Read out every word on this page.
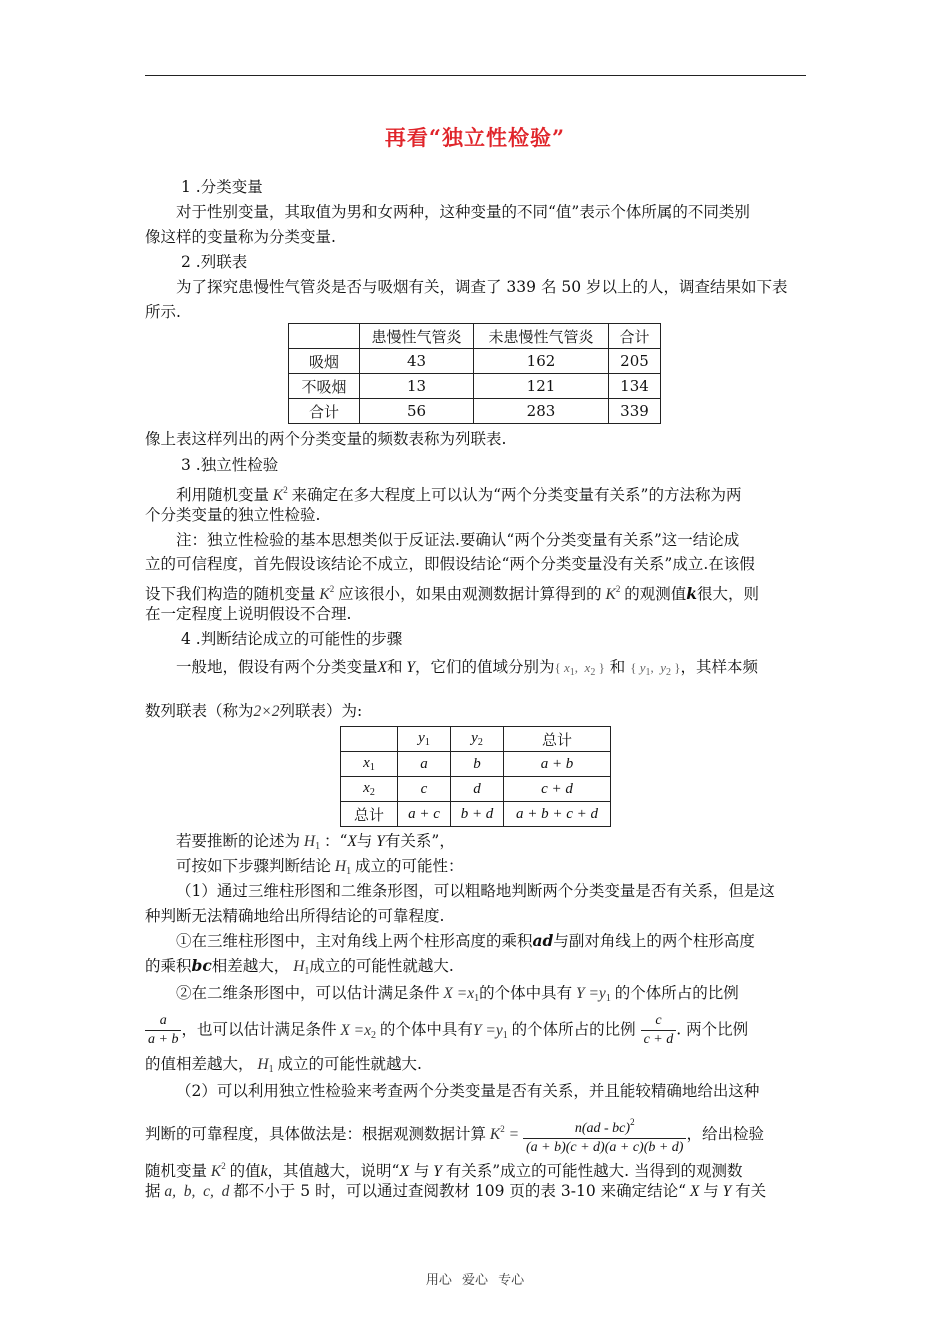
再看“独立性检验”
1 .分类变量
对于性别变量，其取值为男和女两种，这种变量的不同“值”表示个体所属的不同类别
像这样的变量称为分类变量.
2 .列联表
为了探究患慢性气管炎是否与吸烟有关，调查了 339 名 50 岁以上的人，调查结果如下表
所示.
	患慢性气管炎	未患慢性气管炎	合计
吸烟	43	162	205
不吸烟	13	121	134
合计	56	283	339
像上表这样列出的两个分类变量的频数表称为列联表.
3 .独立性检验
利用随机变量 $K^2$ 来确定在多大程度上可以认为“两个分类变量有关系”的方法称为两
个分类变量的独立性检验.
注：独立性检验的基本思想类似于反证法.要确认“两个分类变量有关系”这一结论成
立的可信程度，首先假设该结论不成立，即假设结论“两个分类变量没有关系”成立.在该假
设下我们构造的随机变量 $K^2$ 应该很小，如果由观测数据计算得到的 $K^2$ 的观测值k很大，则
在一定程度上说明假设不合理.
4 .判断结论成立的可能性的步骤
一般地，假设有两个分类变量X和 Y，它们的值域分别为{ $x_1$,  $x_2$ } 和 { $y_1$,  $y_2$ }，其样本频
数列联表（称为2×2列联表）为:
	$y_1$	$y_2$	总计
$x_1$	a	b	a + b
$x_2$	c	d	c + d
总计	a + c	b + d	a + b + c + d
若要推断的论述为 H1 ：“X与 Y有关系”，
可按如下步骤判断结论 H1 成立的可能性：
（1）通过三维柱形图和二维条形图，可以粗略地判断两个分类变量是否有关系，但是这
种判断无法精确地给出所得结论的可靠程度.
①在三维柱形图中，主对角线上两个柱形高度的乘积ad与副对角线上的两个柱形高度
的乘积bc相差越大， H1成立的可能性就越大.
②在二维条形图中，可以估计满足条件 X =x1的个体中具有 Y =y1 的个体所占的比例
$\frac{a}{a + b}$ ，也可以估计满足条件 X =x2 的个体中具有Y =y1 的个体所占的比例 $\frac{c}{c + d}$ . 两个比例
的值相差越大， H1 成立的可能性就越大.
（2）可以利用独立性检验来考查两个分类变量是否有关系，并且能较精确地给出这种
判断的可靠程度，具体做法是：根据观测数据计算 $K^2 = \frac{n(ad - bc)^2}{(a + b)(c + d)(a + c)(b + d)}$ ，给出检验
随机变量 $K^2$ 的值k，其值越大，说明“X 与 Y 有关系”成立的可能性越大. 当得到的观测数
据 a,  b,  c,  d 都不小于 5 时，可以通过查阅教材 109 页的表 3-10 来确定结论“ X 与 Y 有关
用心 爱心 专心
